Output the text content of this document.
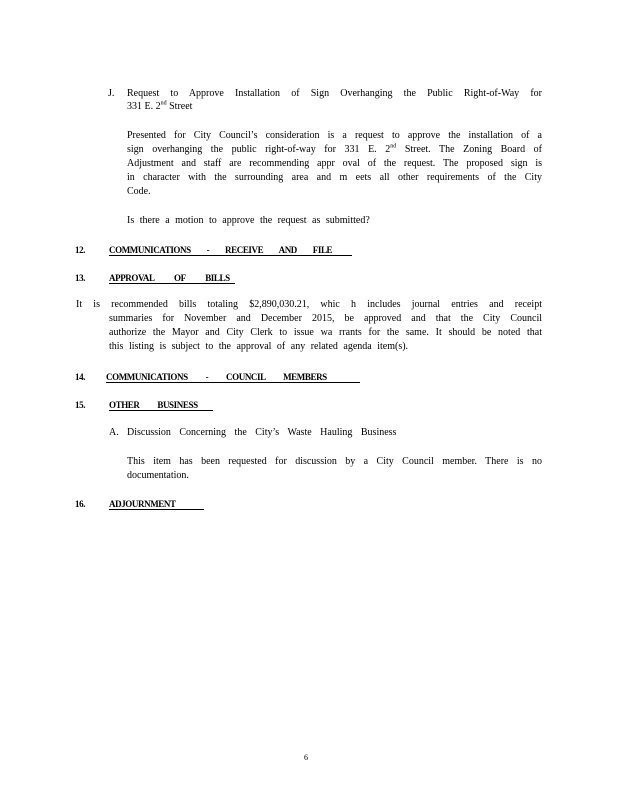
J. Request to Approve Installation of Sign Overhanging the Public Right-of-Way for
331 E. 2nd Street
Presented for City Council’s consideration is a request to approve the installation of a
sign overhanging the public right-of-way for 331 E. 2nd Street. The Zoning Board of
Adjustment and staff are recommending appr oval of the request. The proposed sign is
in character with the surrounding area and m eets all other requirements of the City
Code.
Is there a motion to approve the request as submitted?
12.	COMMUNICATIONS - RECEIVE AND FILE
13.	APPROVAL OF BILLS
It is recommended bills totaling $2,890,030.21, whic h includes journal entries and receipt
summaries for November and December 2015, be approved and that the City Council
authorize the Mayor and City Clerk to issue wa rrants for the same. It should be noted that
this listing is subject to the approval of any related agenda item(s).
14. COMMUNICATIONS - COUNCIL MEMBERS
15.	OTHER BUSINESS
A. Discussion Concerning the City’s Waste Hauling Business
This item has been requested for discussion by a City Council member. There is no
documentation.
16.	ADJOURNMENT
6
